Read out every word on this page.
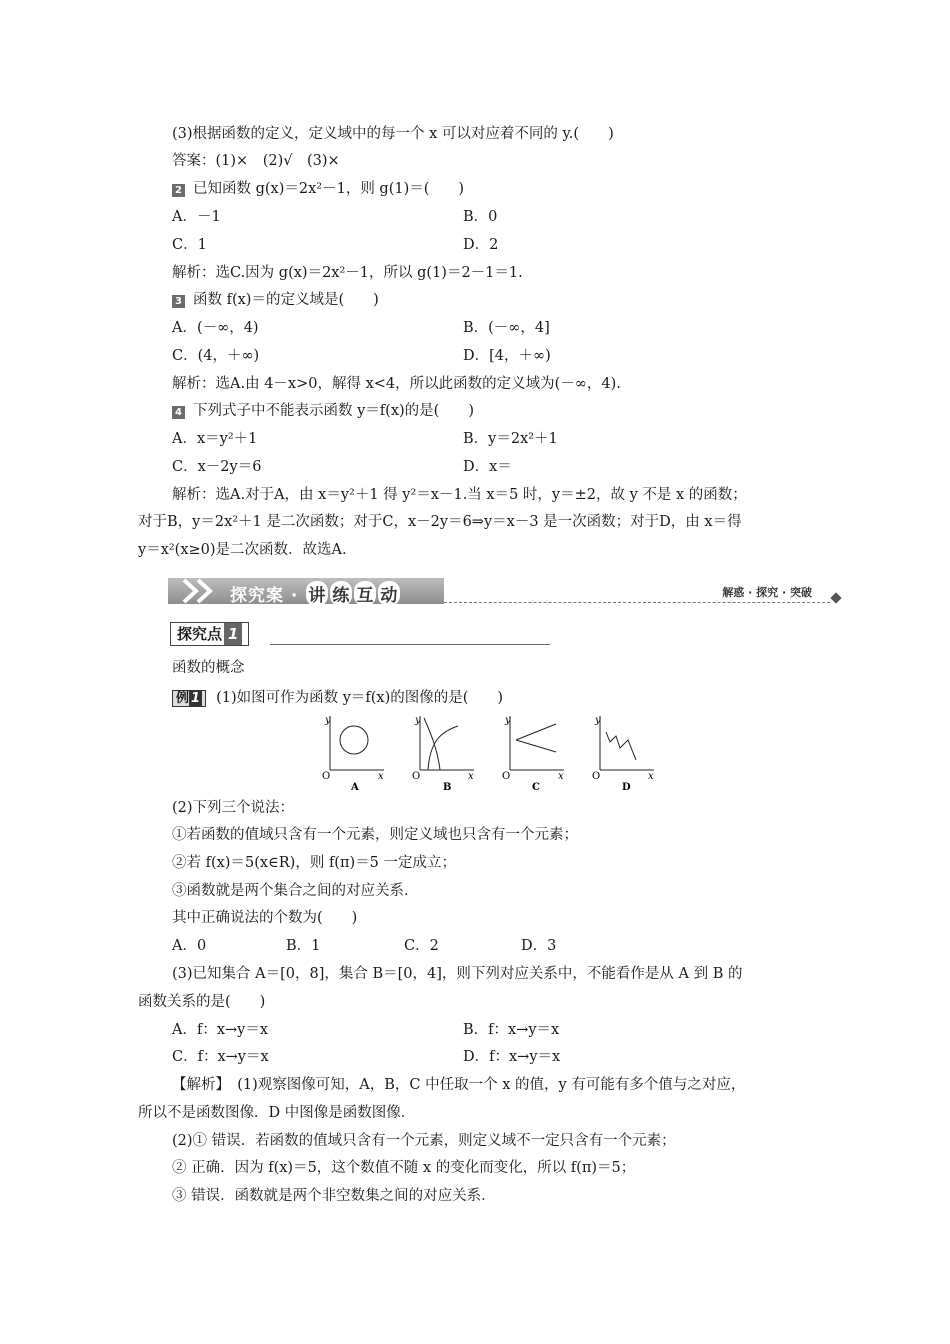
(3)根据函数的定义，定义域中的每一个 x 可以对应着不同的 y.(　　)
答案：(1)×　(2)√　(3)×
2 已知函数 g(x)＝2x²－1，则 g(1)＝(　　)
A．－1	B．0
C．1	D．2
解析：选C.因为 g(x)＝2x²－1，所以 g(1)＝2－1＝1.
3 函数 f(x)＝的定义域是(　　)
A．(－∞，4)	B．(－∞，4]
C．(4，＋∞)	D．[4，＋∞)
解析：选A.由 4－x>0，解得 x<4，所以此函数的定义域为(－∞，4).
4 下列式子中不能表示函数 y＝f(x)的是(　　)
A．x＝y²＋1	B．y＝2x²＋1
C．x－2y＝6	D．x＝
解析：选A.对于A，由 x＝y²＋1 得 y²＝x－1.当 x＝5 时，y＝±2，故 y 不是 x 的函数；
对于B，y＝2x²＋1 是二次函数；对于C，x－2y＝6⇒y＝x－3 是一次函数；对于D，由 x＝得
y＝x²(x≥0)是二次函数．故选A.
探究案 · 讲 练 互 动	解惑 · 探究 · 突破
探究点 1
函数的概念
例 1 (1)如图可作为函数 y＝f(x)的图像的是(　　)
y
O	x
A
y
O	x
B
y
O	x
C
y
O	x
D
(2)下列三个说法：
①若函数的值域只含有一个元素，则定义域也只含有一个元素；
②若 f(x)＝5(x∈R)，则 f(π)＝5 一定成立；
③函数就是两个集合之间的对应关系．
其中正确说法的个数为(　　)
A．0	B．1	C．2	D．3
(3)已知集合 A＝[0，8]，集合 B＝[0，4]，则下列对应关系中，不能看作是从 A 到 B 的
函数关系的是(　　)
A．f：x→y＝x	B．f：x→y＝x
C．f：x→y＝x	D．f：x→y＝x
【解析】　(1)观察图像可知，A，B，C 中任取一个 x 的值，y 有可能有多个值与之对应，
所以不是函数图像．D 中图像是函数图像．
(2)① 错误．若函数的值域只含有一个元素，则定义域不一定只含有一个元素；
② 正确．因为 f(x)＝5，这个数值不随 x 的变化而变化，所以 f(π)＝5；
③ 错误．函数就是两个非空数集之间的对应关系．
